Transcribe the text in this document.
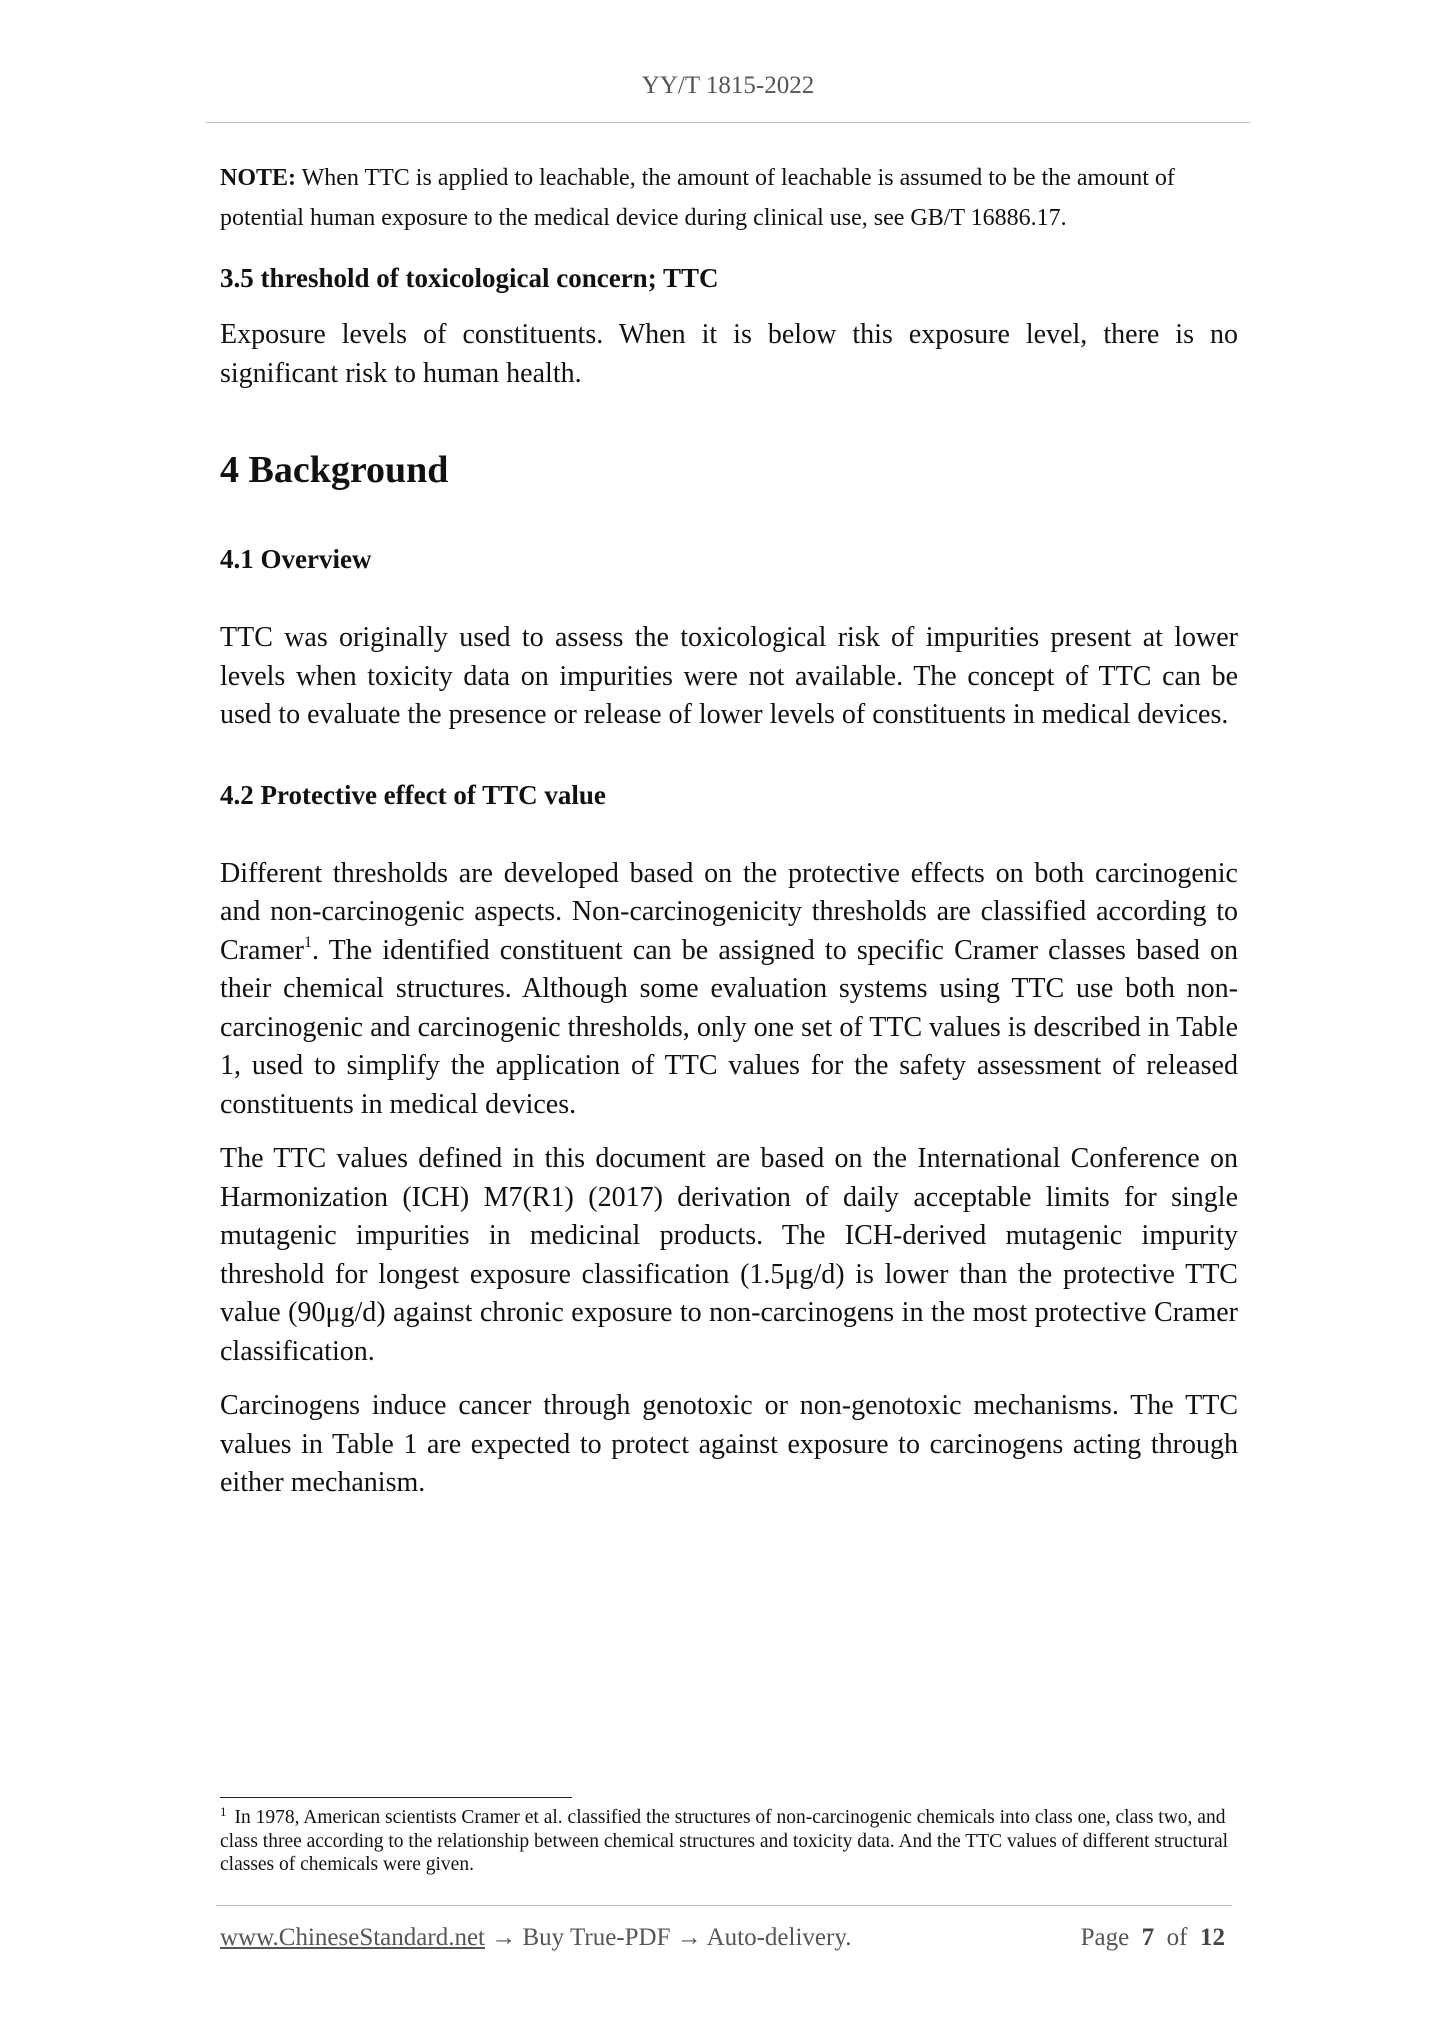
YY/T 1815-2022

NOTE: When TTC is applied to leachable, the amount of leachable is assumed to be the amount of potential human exposure to the medical device during clinical use, see GB/T 16886.17.

3.5 threshold of toxicological concern; TTC

Exposure levels of constituents. When it is below this exposure level, there is no significant risk to human health.

4 Background
4.1 Overview

TTC was originally used to assess the toxicological risk of impurities present at lower levels when toxicity data on impurities were not available. The concept of TTC can be used to evaluate the presence or release of lower levels of constituents in medical devices.

4.2 Protective effect of TTC value

Different thresholds are developed based on the protective effects on both carcinogenic and non-carcinogenic aspects. Non-carcinogenicity thresholds are classified according to Cramer$^1$. The identified constituent can be assigned to specific Cramer classes based on their chemical structures. Although some evaluation systems using TTC use both non-carcinogenic and carcinogenic thresholds, only one set of TTC values is described in Table 1, used to simplify the application of TTC values for the safety assessment of released constituents in medical devices.

The TTC values defined in this document are based on the International Conference on Harmonization (ICH) M7(R1) (2017) derivation of daily acceptable limits for single mutagenic impurities in medicinal products. The ICH-derived mutagenic impurity threshold for longest exposure classification (1.5μg/d) is lower than the protective TTC value (90μg/d) against chronic exposure to non-carcinogens in the most protective Cramer classification.

Carcinogens induce cancer through genotoxic or non-genotoxic mechanisms. The TTC values in Table 1 are expected to protect against exposure to carcinogens acting through either mechanism.

$^1$ In 1978, American scientists Cramer et al. classified the structures of non-carcinogenic chemicals into class one, class two, and class three according to the relationship between chemical structures and toxicity data. And the TTC values of different structural classes of chemicals were given.
www.ChineseStandard.net → Buy True-PDF → Auto-delivery.	Page 7 of 12
